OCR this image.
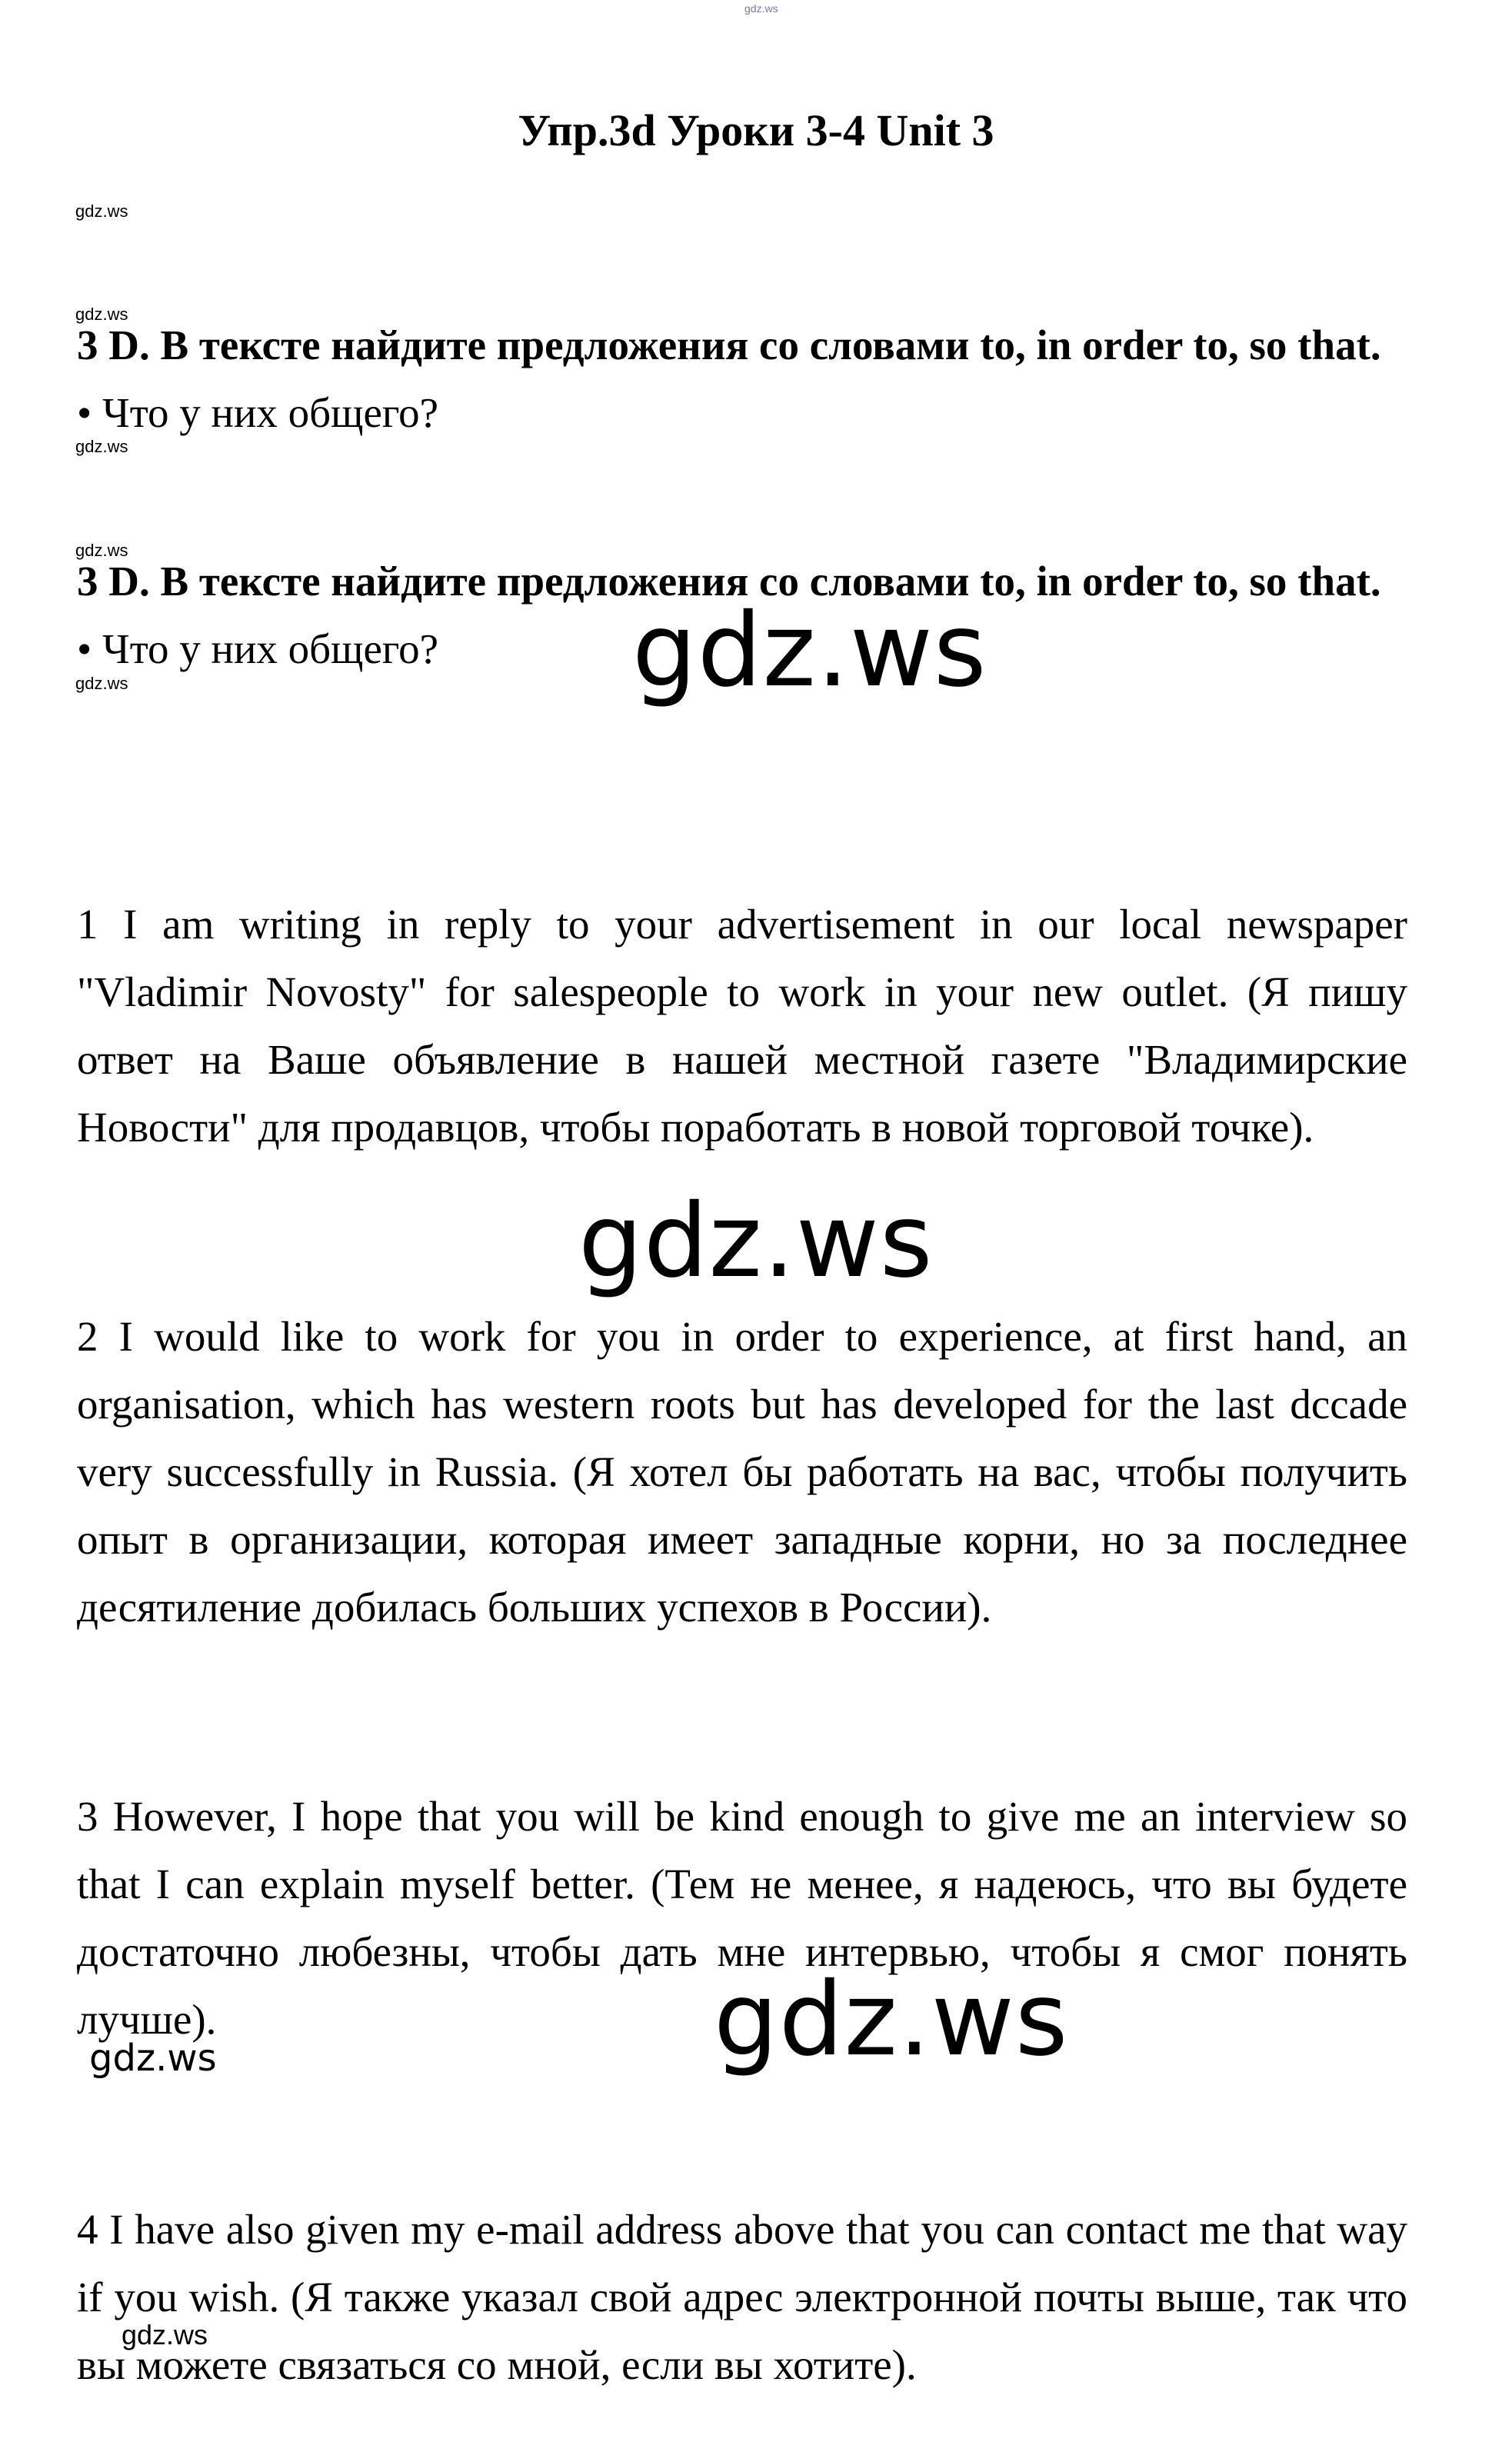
gdz.ws
Упр.3d Уроки 3-4 Unit 3
gdz.ws
gdz.ws
3 D. В тексте найдите предложения со словами to, in order to, so that.
• Что у них общего?
gdz.ws
gdz.ws
3 D. В тексте найдите предложения со словами to, in order to, so that.
• Что у них общего?
gdz.ws	gdz.ws
1 I am writing in reply to your advertisement in our local newspaper "Vladimir Novosty" for salespeople to work in your new outlet. (Я пишу ответ на Ваше объявление в нашей местной газете "Владимирские Новости" для продавцов, чтобы поработать в новой торговой точке).
gdz.ws
2 I would like to work for you in order to experience, at first hand, an organisation, which has western roots but has developed for the last dccade very successfully in Russia. (Я хотел бы работать на вас, чтобы получить опыт в организации, которая имеет западные корни, но за последнее десятиление добилась больших успехов в России).
3 However, I hope that you will be kind enough to give me an interview so that I can explain myself better. (Тем не менее, я надеюсь, что вы будете достаточно любезны, чтобы дать мне интервью, чтобы я смог понять лучше).	gdz.ws
gdz.ws
4 I have also given my e-mail address above that you can contact me that way if you wish. (Я также указал свой адрес электронной почты выше, так что вы можете связаться со мной, если вы хотите).
gdz.ws
